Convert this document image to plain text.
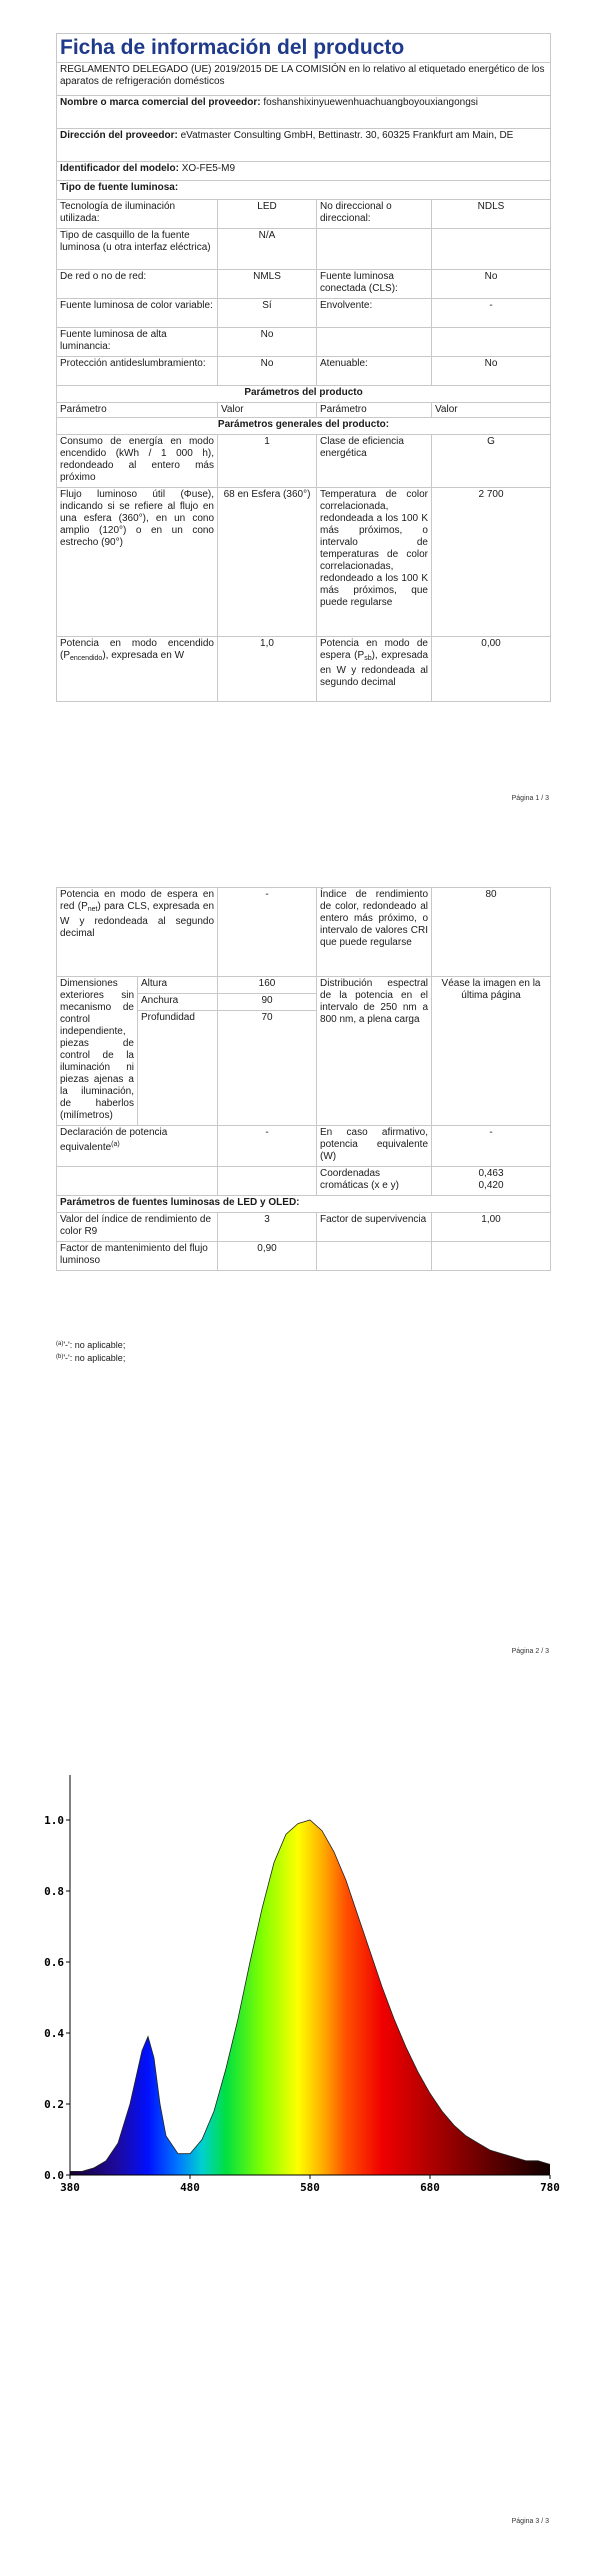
Ficha de información del producto			
REGLAMENTO DELEGADO (UE) 2019/2015 DE LA COMISIÓN en lo relativo al etiquetado energético de los aparatos de refrigeración domésticos			
Nombre o marca comercial del proveedor: foshanshixinyuewenhuachuangboyouxiangongsi			
Dirección del proveedor: eVatmaster Consulting GmbH, Bettinastr. 30, 60325 Frankfurt am Main, DE			
Identificador del modelo: XO-FE5-M9			
Tipo de fuente luminosa:			
Tecnología de iluminación utilizada:	LED	No direccional o direccional:	NDLS
Tipo de casquillo de la fuente luminosa (u otra interfaz eléctrica)	N/A		
De red o no de red:	NMLS	Fuente luminosa conectada (CLS):	No
Fuente luminosa de color variable:	Sí	Envolvente:	-
Fuente luminosa de alta luminancia:	No		
Protección antideslumbramiento:	No	Atenuable:	No
Parámetros del producto			
Parámetro	Valor	Parámetro	Valor
Parámetros generales del producto:			
Consumo de energía en modo encendido (kWh / 1 000 h), redondeado al entero más próximo	1	Clase de eficiencia energética	G
Flujo luminoso útil (Φuse), indicando si se refiere al flujo en una esfera (360°), en un cono amplio (120°) o en un cono estrecho (90°)	68 en Esfera (360°)	Temperatura de color correlacionada, redondeada a los 100 K más próximos, o intervalo de temperaturas de color correlacionadas, redondeado a los 100 K más próximos, que puede regularse	2 700
Potencia en modo encendido $(P_{encendido})$, expresada en W	1,0	Potencia en modo de espera $(P_{sb})$, expresada en W y redondeada al segundo decimal	0,00
Página 1 / 3
Potencia en modo de espera en red $(P_{net})$ para CLS, expresada en W y redondeada al segundo decimal		-	Índice de rendimiento de color, redondeado al entero más próximo, o intervalo de valores CRI que puede regularse	80
Dimensiones exteriores sin mecanismo de control independiente, piezas de control de la iluminación ni piezas ajenas a la iluminación, de haberlos (milímetros)	Altura	160	Distribución espectral de la potencia en el intervalo de 250 nm a 800 nm, a plena carga	Véase la imagen en la última página
	Anchura	90		
	Profundidad	70		
Declaración de potencia equivalente$^{(a)}$		-	En caso afirmativo, potencia equivalente (W)	-
			Coordenadas cromáticas (x e y)	0,463
0,420

Parámetros de fuentes luminosas de LED y OLED:				
Valor del índice de rendimiento de color R9		3	Factor de supervivencia	1,00
Factor de mantenimiento del flujo luminoso		0,90		
$^{(a)}$'-': no aplicable;
$^{(b)}$'-': no aplicable;
Página 2 / 3
0.0
0.2
0.4
0.6
0.8
1.0
380	480	580	680	780
Página 3 / 3
